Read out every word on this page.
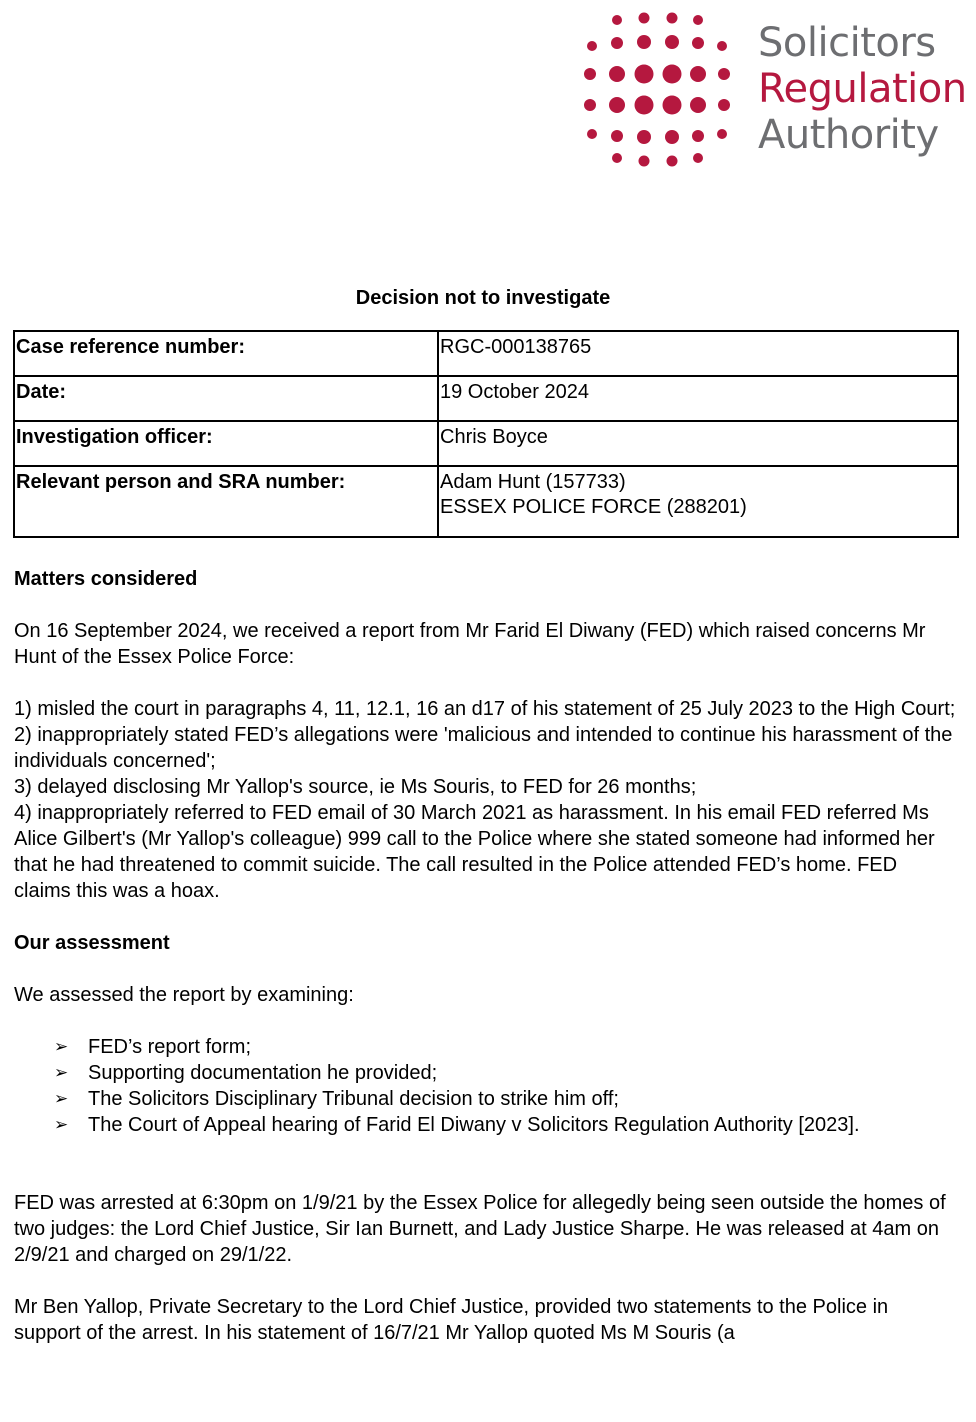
Solicitors
Regulation
Authority
Decision not to investigate
Case reference number:	RGC-000138765
Date:	19 October 2024
Investigation officer:	Chris Boyce
Relevant person and SRA number:	Adam Hunt (157733)
ESSEX POLICE FORCE (288201)

Matters considered

On 16 September 2024, we received a report from Mr Farid El Diwany (FED) which raised concerns Mr Hunt of the Essex Police Force:

1) misled the court in paragraphs 4, 11, 12.1, 16 an d17 of his statement of 25 July 2023 to the High Court;

2) inappropriately stated FED’s allegations were 'malicious and intended to continue his harassment of the individuals concerned';

3) delayed disclosing Mr Yallop's source, ie Ms Souris, to FED for 26 months;

4) inappropriately referred to FED email of 30 March 2021 as harassment. In his email FED referred Ms Alice Gilbert's (Mr Yallop's colleague) 999 call to the Police where she stated someone had informed her that he had threatened to commit suicide. The call resulted in the Police attended FED’s home. FED claims this was a hoax.

Our assessment

We assessed the report by examining:

➢ FED’s report form;
➢ Supporting documentation he provided;
➢ The Solicitors Disciplinary Tribunal decision to strike him off;
➢ The Court of Appeal hearing of Farid El Diwany v Solicitors Regulation Authority [2023].

FED was arrested at 6:30pm on 1/9/21 by the Essex Police for allegedly being seen outside the homes of two judges: the Lord Chief Justice, Sir Ian Burnett, and Lady Justice Sharpe. He was released at 4am on 2/9/21 and charged on 29/1/22.

Mr Ben Yallop, Private Secretary to the Lord Chief Justice, provided two statements to the Police in support of the arrest. In his statement of 16/7/21 Mr Yallop quoted Ms M Souris (a
